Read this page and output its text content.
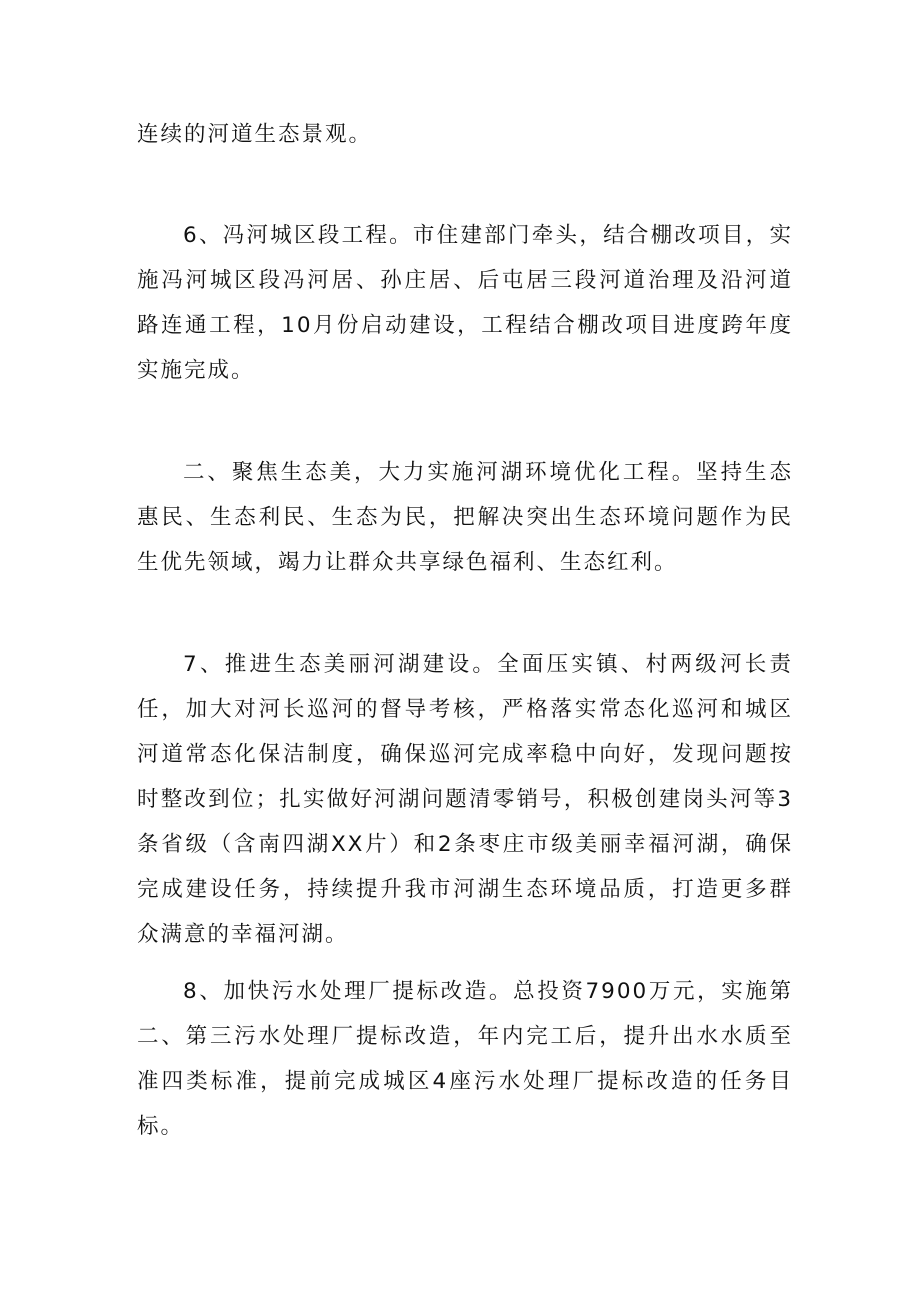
连续的河道生态景观。

6、冯河城区段工程。市住建部门牵头，结合棚改项目，实施冯河城区段冯河居、孙庄居、后屯居三段河道治理及沿河道路连通工程，10月份启动建设，工程结合棚改项目进度跨年度实施完成。

二、聚焦生态美，大力实施河湖环境优化工程。坚持生态惠民、生态利民、生态为民，把解决突出生态环境问题作为民生优先领域，竭力让群众共享绿色福利、生态红利。

7、推进生态美丽河湖建设。全面压实镇、村两级河长责任，加大对河长巡河的督导考核，严格落实常态化巡河和城区河道常态化保洁制度，确保巡河完成率稳中向好，发现问题按时整改到位；扎实做好河湖问题清零销号，积极创建岗头河等3条省级（含南四湖XX片）和2条枣庄市级美丽幸福河湖，确保完成建设任务，持续提升我市河湖生态环境品质，打造更多群众满意的幸福河湖。

8、加快污水处理厂提标改造。总投资7900万元，实施第二、第三污水处理厂提标改造，年内完工后，提升出水水质至准四类标准，提前完成城区4座污水处理厂提标改造的任务目标。
